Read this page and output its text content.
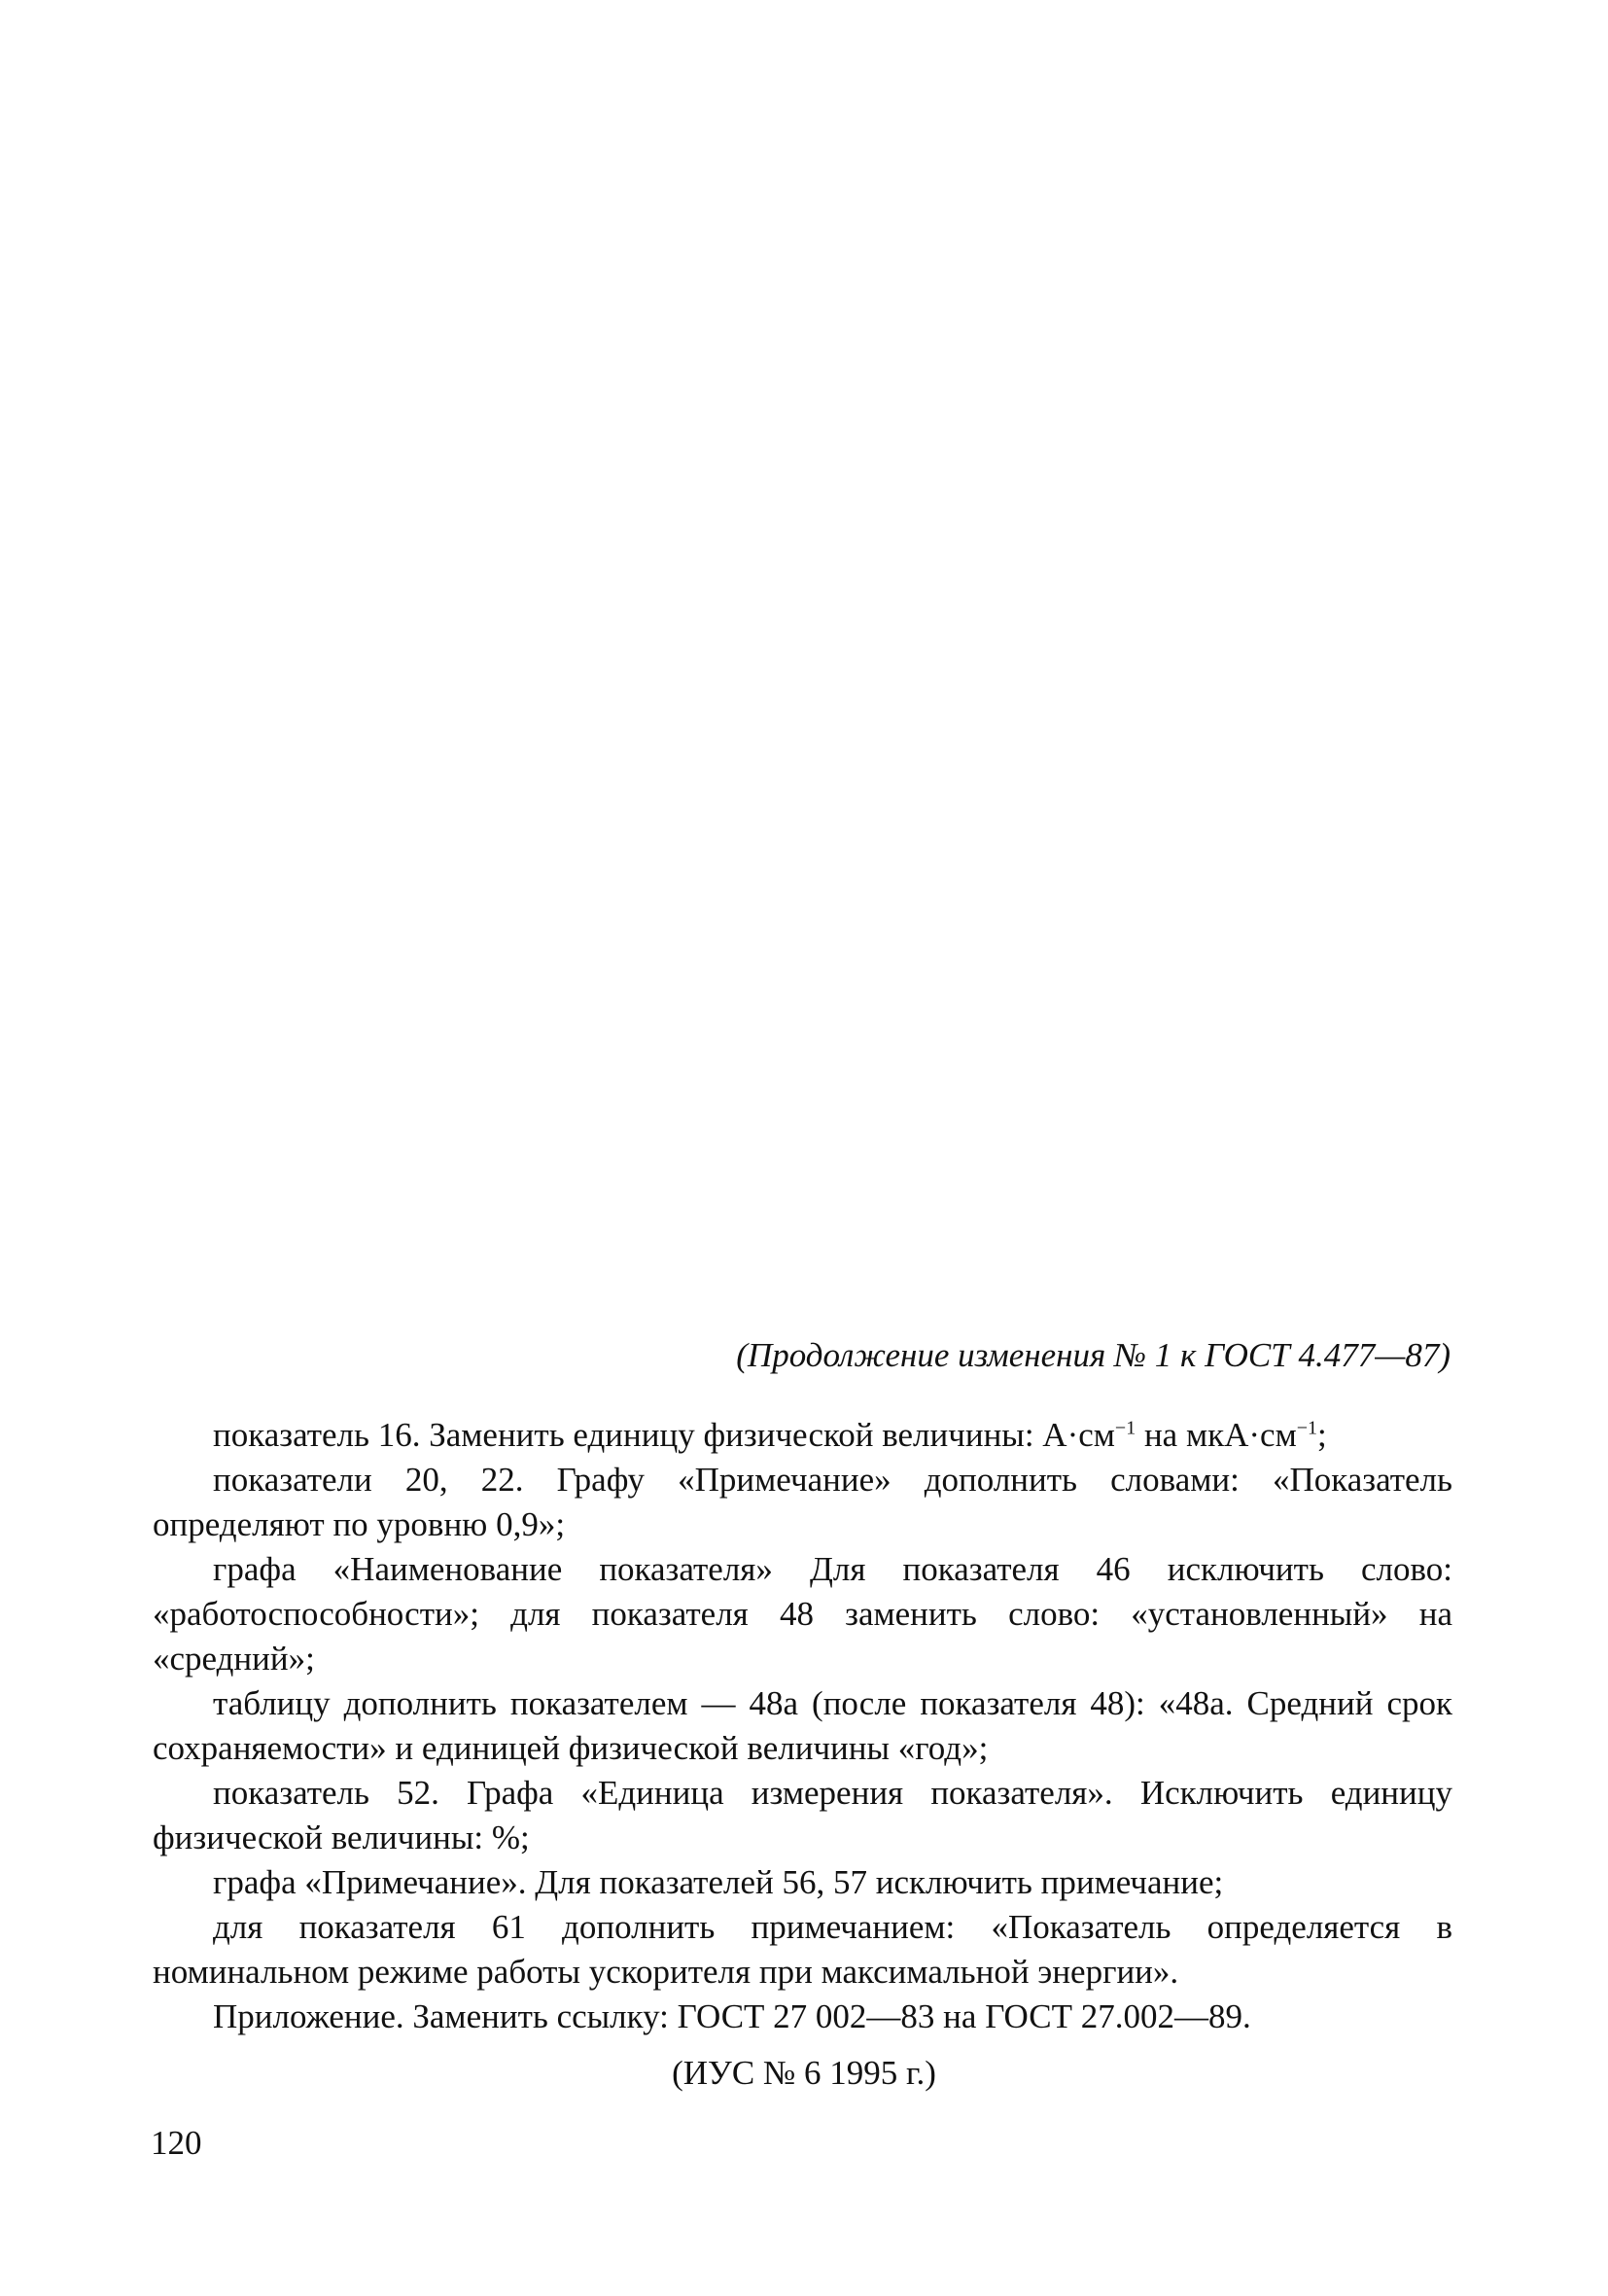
(Продолжение изменения № 1 к ГОСТ 4.477—87)

показатель 16. Заменить единицу физической величины: $А\cdot см^{-1}$ на $мкА\cdot см^{-1}$;

показатели 20, 22. Графу «Примечание» дополнить словами: «Показатель определяют по уровню 0,9»;

графа «Наименование показателя» Для показателя 46 исключить слово: «работоспособности»; для показателя 48 заменить слово: «установленный» на «средний»;

таблицу дополнить показателем — 48а (после показателя 48): «48а. Средний срок сохраняемости» и единицей физической величины «год»;

показатель 52. Графа «Единица измерения показателя». Исключить единицу физической величины: %;

графа «Примечание». Для показателей 56, 57 исключить примечание;

для показателя 61 дополнить примечанием: «Показатель определяется в номинальном режиме работы ускорителя при максимальной энергии».

Приложение. Заменить ссылку: ГОСТ 27 002—83 на ГОСТ 27.002—89.

(ИУС № 6 1995 г.)
120
